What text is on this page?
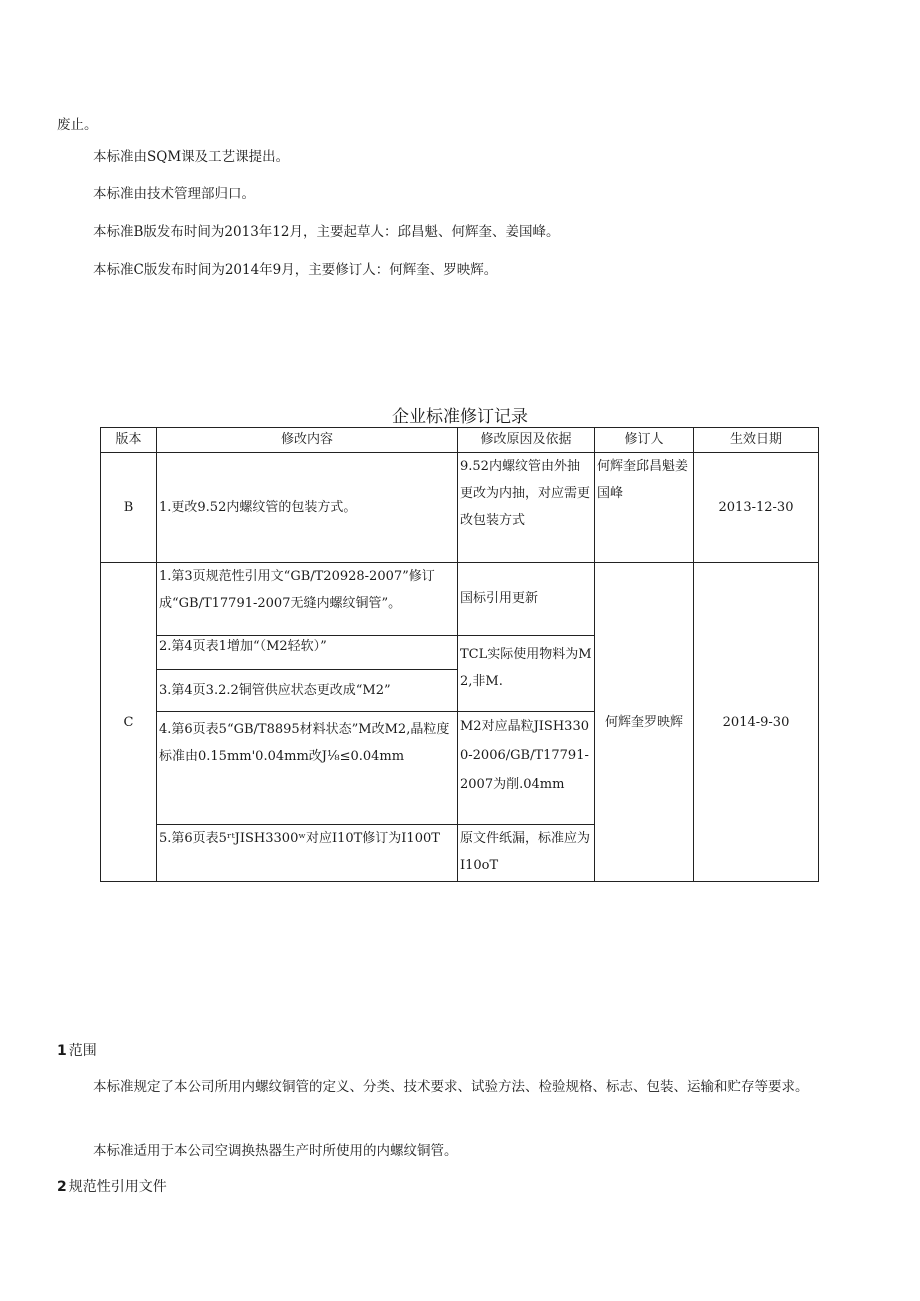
废止。
本标准由SQM课及工艺课提出。
本标准由技术管理部归口。
本标准B版发布时间为2013年12月，主要起草人：邱昌魁、何辉奎、姜国峰。
本标准C版发布时间为2014年9月，主要修订人：何辉奎、罗映辉。
企业标准修订记录
版本	修改内容	修改原因及依据	修订人	生效日期
B	1.更改9.52内螺纹管的包装方式。	9.52内螺纹管由外抽更改为内抽，对应需更改包装方式	何辉奎邱昌魁姜国峰	2013-12-30
C	1.第3页规范性引用文“GB/T20928-2007”修订成“GB/T17791-2007无缝内螺纹铜管”。	国标引用更新	何辉奎罗映辉	2014-9-30
	2.第4页表1增加“（M2轻软）”	TCL实际使用物料为M2,非M.		
	3.第4页3.2.2铜管供应状态更改成“M2”			
	4.第6页表5“GB/T8895材料状态”M改M2,晶粒度标准由0.15mm'0.04mm改J⅛≤0.04mm	M2对应晶粒JISH3300-2006/GB/T17791-2007为削.04mm		
	5.第6页表5ʳᵗJISH3300ʷ对应I10T修订为I100T	原文件纸漏，标准应为I10oT		
1 范围
本标准规定了本公司所用内螺纹铜管的定义、分类、技术要求、试验方法、检验规格、标志、包装、运输和贮存等要求。
本标准适用于本公司空调换热器生产时所使用的内螺纹铜管。
2 规范性引用文件
